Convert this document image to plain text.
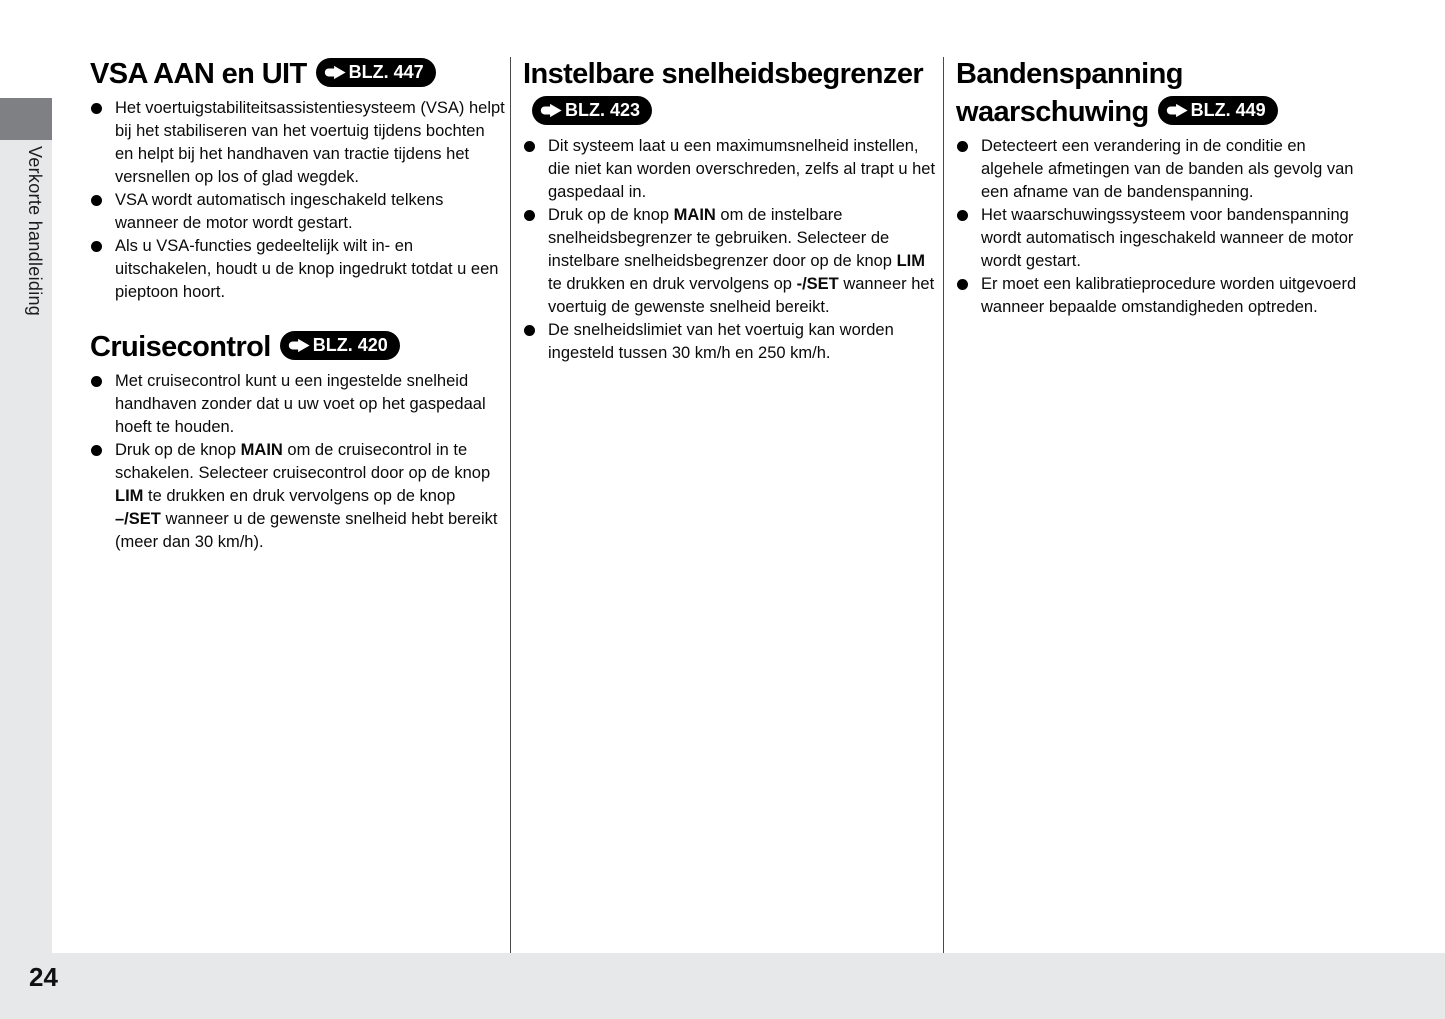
Verkorte handleiding
VSA AAN en UIT BLZ. 447
Het voertuigstabiliteitsassistentiesysteem (VSA) helpt bij het stabiliseren van het voertuig tijdens bochten en helpt bij het handhaven van tractie tijdens het versnellen op los of glad wegdek.
VSA wordt automatisch ingeschakeld telkens wanneer de motor wordt gestart.
Als u VSA-functies gedeeltelijk wilt in- en uitschakelen, houdt u de knop ingedrukt totdat u een pieptoon hoort.
Cruisecontrol BLZ. 420
Met cruisecontrol kunt u een ingestelde snelheid handhaven zonder dat u uw voet op het gaspedaal hoeft te houden.
Druk op de knop MAIN om de cruisecontrol in te schakelen. Selecteer cruisecontrol door op de knop LIM te drukken en druk vervolgens op de knop –/SET wanneer u de gewenste snelheid hebt bereikt (meer dan 30 km/h).
Instelbare snelheidsbegrenzer
BLZ. 423
Dit systeem laat u een maximumsnelheid instellen, die niet kan worden overschreden, zelfs al trapt u het gaspedaal in.
Druk op de knop MAIN om de instelbare snelheidsbegrenzer te gebruiken. Selecteer de instelbare snelheidsbegrenzer door op de knop LIM te drukken en druk vervolgens op -/SET wanneer het voertuig de gewenste snelheid bereikt.
De snelheidslimiet van het voertuig kan worden ingesteld tussen 30 km/h en 250 km/h.
Bandenspanning waarschuwing BLZ. 449
Detecteert een verandering in de conditie en algehele afmetingen van de banden als gevolg van een afname van de bandenspanning.
Het waarschuwingssysteem voor bandenspanning wordt automatisch ingeschakeld wanneer de motor wordt gestart.
Er moet een kalibratieprocedure worden uitgevoerd wanneer bepaalde omstandigheden optreden.
24
